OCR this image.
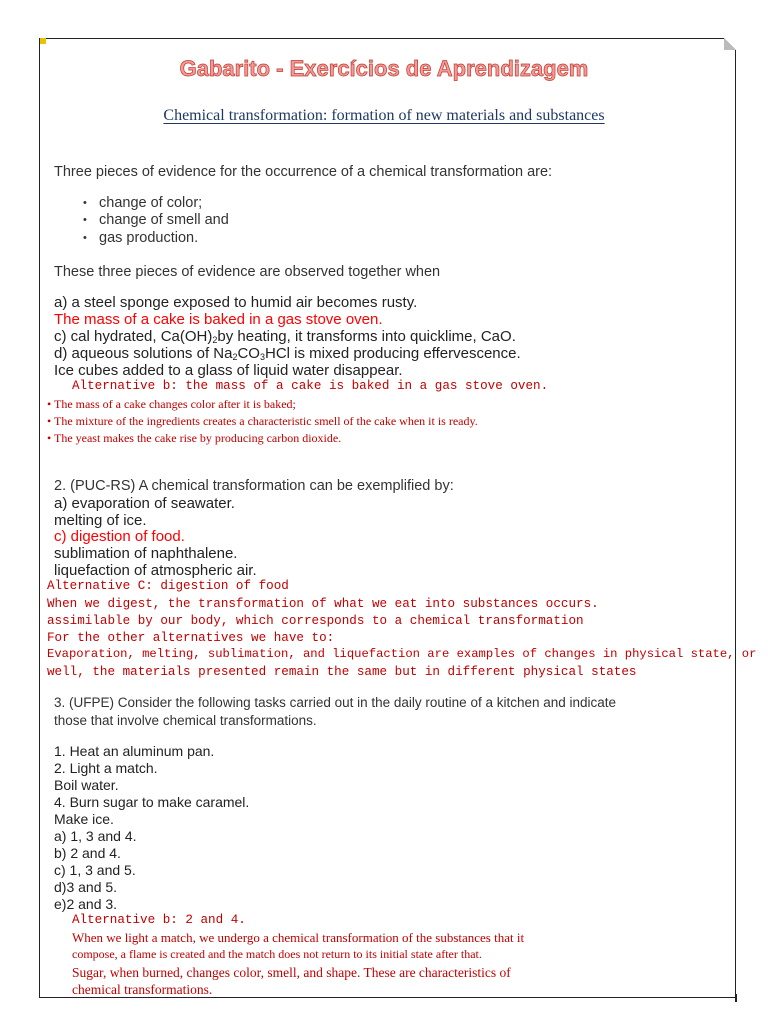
Gabarito - Exercícios de Aprendizagem
Chemical transformation: formation of new materials and substances
Three pieces of evidence for the occurrence of a chemical transformation are:
• change of color;
• change of smell and
• gas production.
These three pieces of evidence are observed together when
a) a steel sponge exposed to humid air becomes rusty.
The mass of a cake is baked in a gas stove oven.
c) cal hydrated, $Ca(OH)_2by$ heating, it transforms into quicklime, CaO.
d) aqueous solutions of $Na_2CO_3HCl$ is mixed producing effervescence.
Ice cubes added to a glass of liquid water disappear.
Alternative b: the mass of a cake is baked in a gas stove oven.
• The mass of a cake changes color after it is baked;
• The mixture of the ingredients creates a characteristic smell of the cake when it is ready.
• The yeast makes the cake rise by producing carbon dioxide.
2. (PUC-RS) A chemical transformation can be exemplified by:
a) evaporation of seawater.
melting of ice.
c) digestion of food.
sublimation of naphthalene.
liquefaction of atmospheric air.
Alternative C: digestion of food
When we digest, the transformation of what we eat into substances occurs.
assimilable by our body, which corresponds to a chemical transformation
For the other alternatives we have to:
Evaporation, melting, sublimation, and liquefaction are examples of changes in physical state, or
well, the materials presented remain the same but in different physical states
3. (UFPE) Consider the following tasks carried out in the daily routine of a kitchen and indicate
those that involve chemical transformations.
1. Heat an aluminum pan.
2. Light a match.
Boil water.
4. Burn sugar to make caramel.
Make ice.
a) 1, 3 and 4.
b) 2 and 4.
c) 1, 3 and 5.
d)3 and 5.
e)2 and 3.
Alternative b: 2 and 4.
When we light a match, we undergo a chemical transformation of the substances that it
compose, a flame is created and the match does not return to its initial state after that.
Sugar, when burned, changes color, smell, and shape. These are characteristics of
chemical transformations.
